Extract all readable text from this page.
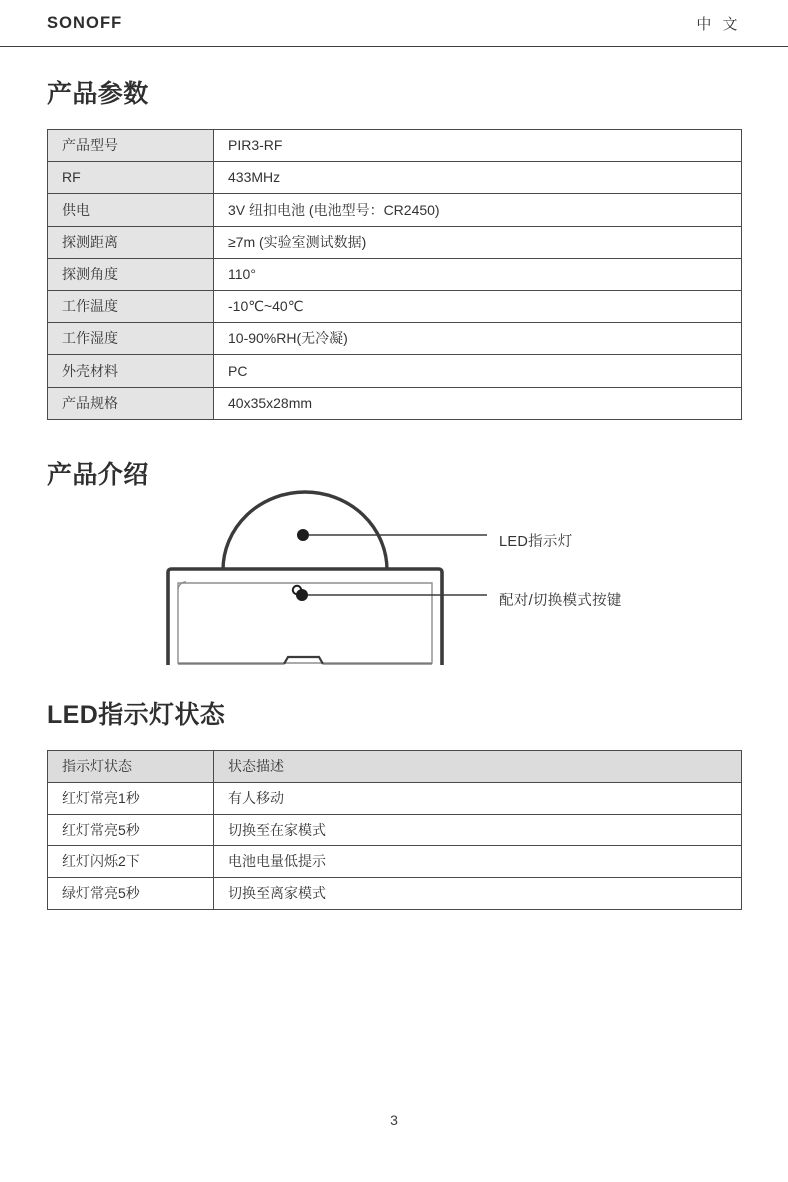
SONOFF	中 文
产品参数
产品型号	PIR3-RF
RF	433MHz
供电	3V 纽扣电池 (电池型号：CR2450)
探测距离	≥7m (实验室测试数据)
探测角度	110°
工作温度	-10℃~40℃
工作湿度	10-90%RH(无冷凝)
外壳材料	PC
产品规格	40x35x28mm
产品介绍
LED指示灯
配对/切换模式按键
LED指示灯状态
指示灯状态	状态描述
红灯常亮1秒	有人移动
红灯常亮5秒	切换至在家模式
红灯闪烁2下	电池电量低提示
绿灯常亮5秒	切换至离家模式
3
